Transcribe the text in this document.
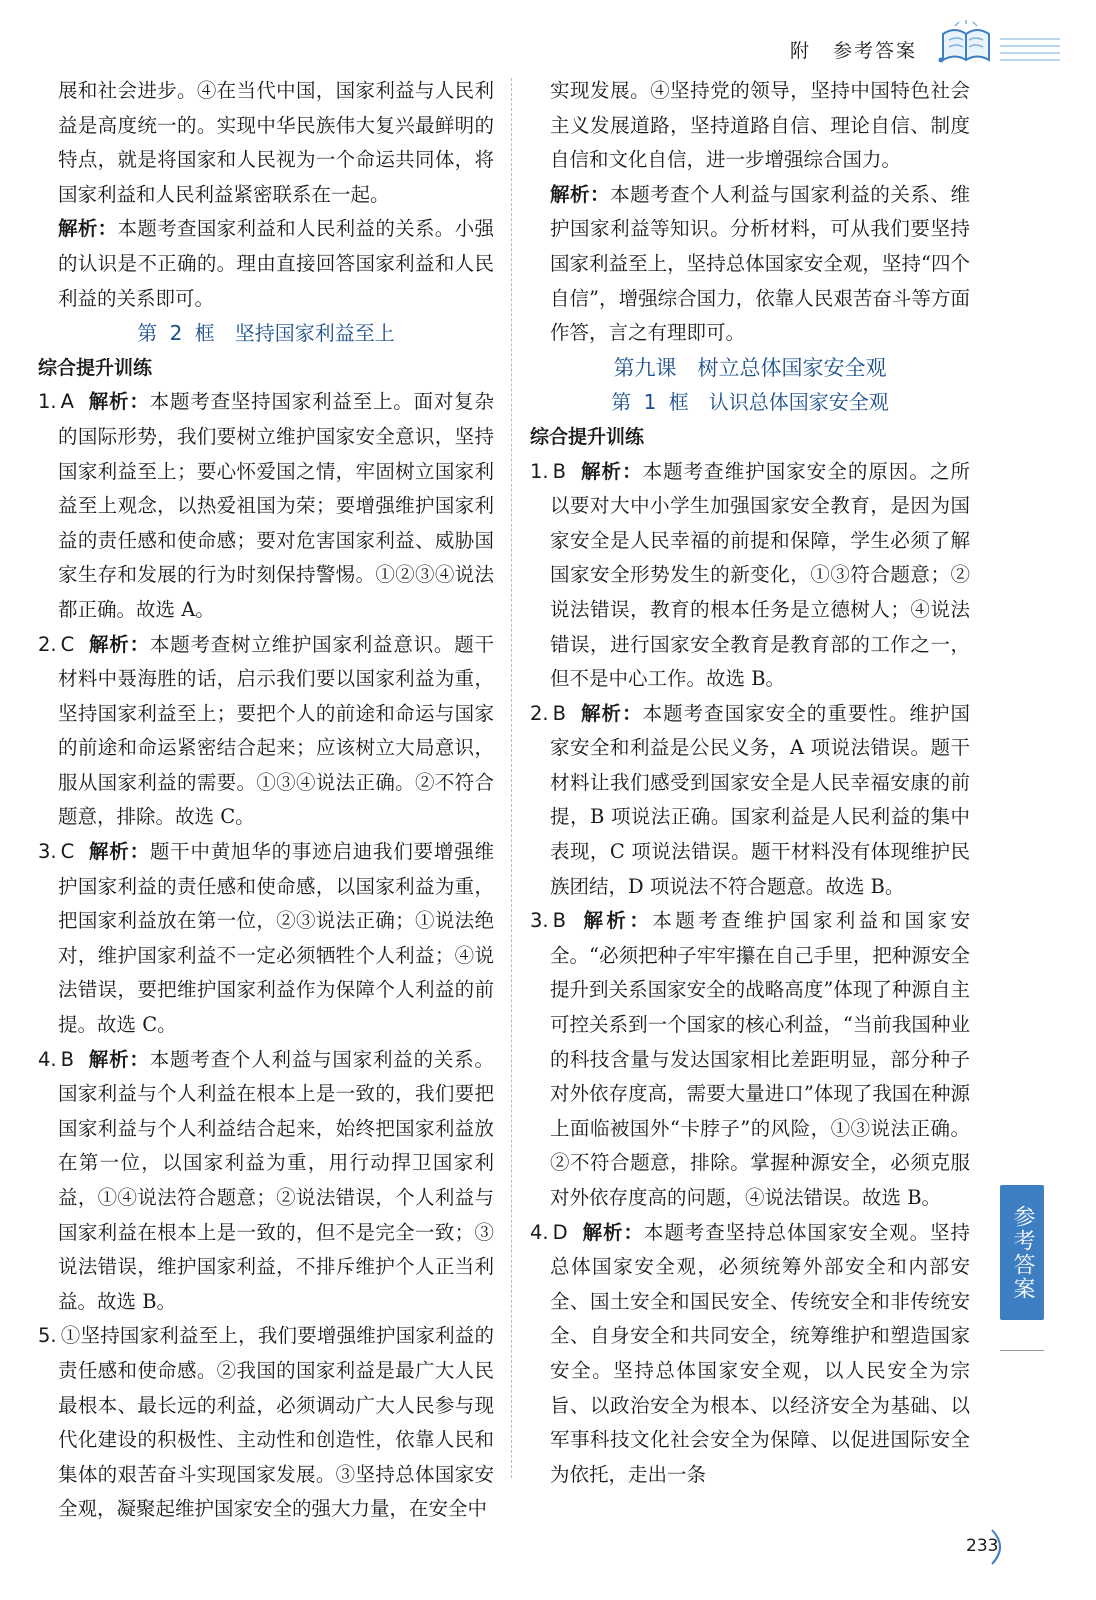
附 参考答案

展和社会进步。④在当代中国，国家利益与人民利益是高度统一的。实现中华民族伟大复兴最鲜明的特点，就是将国家和人民视为一个命运共同体，将国家利益和人民利益紧密联系在一起。

解析：本题考查国家利益和人民利益的关系。小强的认识是不正确的。理由直接回答国家利益和人民利益的关系即可。

第 2 框　坚持国家利益至上

综合提升训练

1. A 解析：本题考查坚持国家利益至上。面对复杂的国际形势，我们要树立维护国家安全意识，坚持国家利益至上；要心怀爱国之情，牢固树立国家利益至上观念，以热爱祖国为荣；要增强维护国家利益的责任感和使命感；要对危害国家利益、威胁国家生存和发展的行为时刻保持警惕。①②③④说法都正确。故选 A。

2. C 解析：本题考查树立维护国家利益意识。题干材料中聂海胜的话，启示我们要以国家利益为重，坚持国家利益至上；要把个人的前途和命运与国家的前途和命运紧密结合起来；应该树立大局意识，服从国家利益的需要。①③④说法正确。②不符合题意，排除。故选 C。

3. C 解析：题干中黄旭华的事迹启迪我们要增强维护国家利益的责任感和使命感，以国家利益为重，把国家利益放在第一位，②③说法正确；①说法绝对，维护国家利益不一定必须牺牲个人利益；④说法错误，要把维护国家利益作为保障个人利益的前提。故选 C。

4. B 解析：本题考查个人利益与国家利益的关系。国家利益与个人利益在根本上是一致的，我们要把国家利益与个人利益结合起来，始终把国家利益放在第一位，以国家利益为重，用行动捍卫国家利益，①④说法符合题意；②说法错误，个人利益与国家利益在根本上是一致的，但不是完全一致；③说法错误，维护国家利益，不排斥维护个人正当利益。故选 B。

5. ①坚持国家利益至上，我们要增强维护国家利益的责任感和使命感。②我国的国家利益是最广大人民最根本、最长远的利益，必须调动广大人民参与现代化建设的积极性、主动性和创造性，依靠人民和集体的艰苦奋斗实现国家发展。③坚持总体国家安全观，凝聚起维护国家安全的强大力量，在安全中

实现发展。④坚持党的领导，坚持中国特色社会主义发展道路，坚持道路自信、理论自信、制度自信和文化自信，进一步增强综合国力。

解析：本题考查个人利益与国家利益的关系、维护国家利益等知识。分析材料，可从我们要坚持国家利益至上，坚持总体国家安全观，坚持“四个自信”，增强综合国力，依靠人民艰苦奋斗等方面作答，言之有理即可。

第九课　树立总体国家安全观

第 1 框　认识总体国家安全观

综合提升训练

1. B 解析：本题考查维护国家安全的原因。之所以要对大中小学生加强国家安全教育，是因为国家安全是人民幸福的前提和保障，学生必须了解国家安全形势发生的新变化，①③符合题意；②说法错误，教育的根本任务是立德树人；④说法错误，进行国家安全教育是教育部的工作之一，但不是中心工作。故选 B。

2. B 解析：本题考查国家安全的重要性。维护国家安全和利益是公民义务，A 项说法错误。题干材料让我们感受到国家安全是人民幸福安康的前提，B 项说法正确。国家利益是人民利益的集中表现，C 项说法错误。题干材料没有体现维护民族团结，D 项说法不符合题意。故选 B。

3. B 解析：本题考查维护国家利益和国家安全。“必须把种子牢牢攥在自己手里，把种源安全提升到关系国家安全的战略高度”体现了种源自主可控关系到一个国家的核心利益，“当前我国种业的科技含量与发达国家相比差距明显，部分种子对外依存度高，需要大量进口”体现了我国在种源上面临被国外“卡脖子”的风险，①③说法正确。②不符合题意，排除。掌握种源安全，必须克服对外依存度高的问题，④说法错误。故选 B。

4. D 解析：本题考查坚持总体国家安全观。坚持总体国家安全观，必须统筹外部安全和内部安全、国土安全和国民安全、传统安全和非传统安全、自身安全和共同安全，统筹维护和塑造国家安全。坚持总体国家安全观，以人民安全为宗旨、以政治安全为根本、以经济安全为基础、以军事科技文化社会安全为保障、以促进国际安全为依托，走出一条

参考答案
233
